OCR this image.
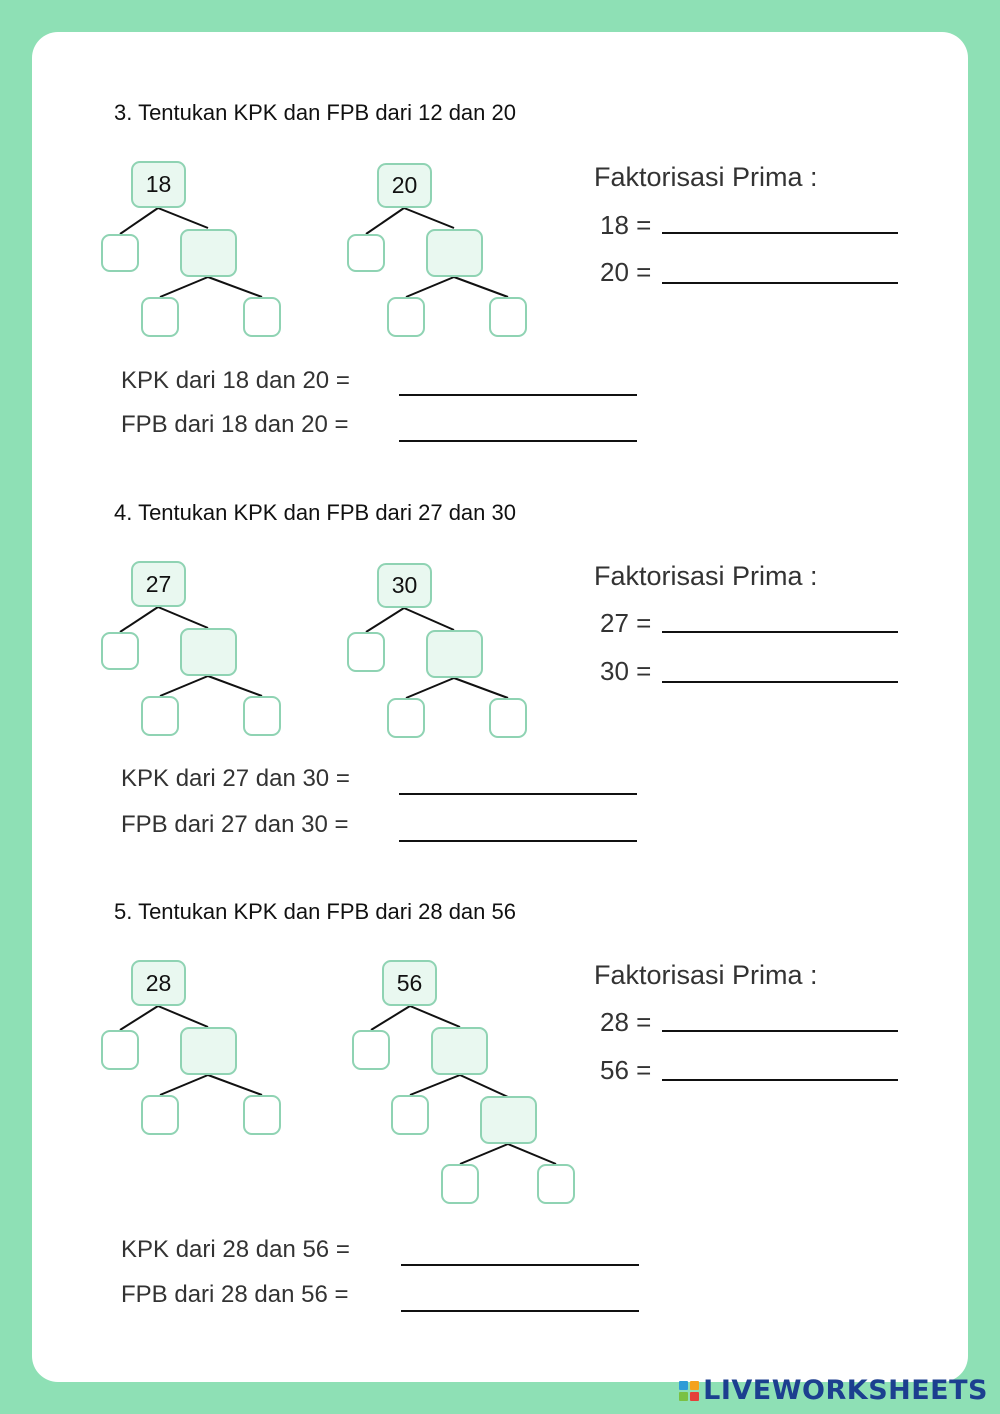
3. Tentukan KPK dan FPB dari 12 dan 20
18	20	Faktorisasi Prima :
18 =
20 =
KPK dari 18 dan 20 =
FPB dari 18 dan 20 =
4. Tentukan KPK dan FPB dari 27 dan 30
27	30	Faktorisasi Prima :
27 =
30 =
KPK dari 27 dan 30 =
FPB dari 27 dan 30 =
5. Tentukan KPK dan FPB dari 28 dan 56
28	56	Faktorisasi Prima :
28 =
56 =
KPK dari 28 dan 56 =
FPB dari 28 dan 56 =
LIVEWORKSHEETS
